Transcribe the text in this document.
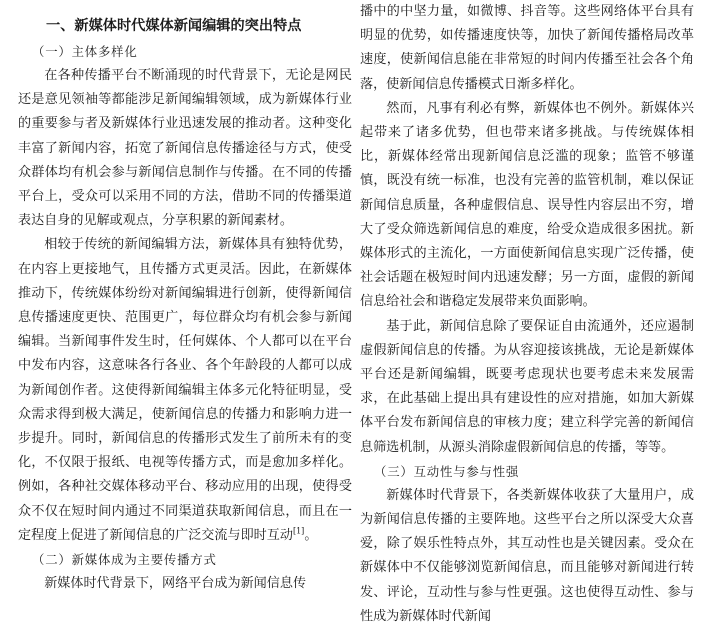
一、新媒体时代媒体新闻编辑的突出特点
（一）主体多样化

在各种传播平台不断涌现的时代背景下，无论是网民还是意见领袖等都能涉足新闻编辑领域，成为新媒体行业的重要参与者及新媒体行业迅速发展的推动者。这种变化丰富了新闻内容，拓宽了新闻信息传播途径与方式，使受众群体均有机会参与新闻信息制作与传播。在不同的传播平台上，受众可以采用不同的方法，借助不同的传播渠道表达自身的见解或观点，分享积累的新闻素材。

相较于传统的新闻编辑方法，新媒体具有独特优势，在内容上更接地气，且传播方式更灵活。因此，在新媒体推动下，传统媒体纷纷对新闻编辑进行创新，使得新闻信息传播速度更快、范围更广，每位群众均有机会参与新闻编辑。当新闻事件发生时，任何媒体、个人都可以在平台中发布内容，这意味各行各业、各个年龄段的人都可以成为新闻创作者。这使得新闻编辑主体多元化特征明显，受众需求得到极大满足，使新闻信息的传播力和影响力进一步提升。同时，新闻信息的传播形式发生了前所未有的变化，不仅限于报纸、电视等传播方式，而是愈加多样化。例如，各种社交媒体移动平台、移动应用的出现，使得受众不仅在短时间内通过不同渠道获取新闻信息，而且在一定程度上促进了新闻信息的广泛交流与即时互动[1]。

（二）新媒体成为主要传播方式

新媒体时代背景下，网络平台成为新闻信息传

播中的中坚力量，如微博、抖音等。这些网络体平台具有明显的优势，如传播速度快等，加快了新闻传播格局改革速度，使新闻信息能在非常短的时间内传播至社会各个角落，使新闻信息传播模式日渐多样化。

然而，凡事有利必有弊，新媒体也不例外。新媒体兴起带来了诸多优势，但也带来诸多挑战。与传统媒体相比，新媒体经常出现新闻信息泛滥的现象；监管不够谨慎，既没有统一标准，也没有完善的监管机制，难以保证新闻信息质量，各种虚假信息、误导性内容层出不穷，增大了受众筛选新闻信息的难度，给受众造成很多困扰。新媒体形式的主流化，一方面使新闻信息实现广泛传播，使社会话题在极短时间内迅速发酵；另一方面，虚假的新闻信息给社会和谐稳定发展带来负面影响。

基于此，新闻信息除了要保证自由流通外，还应遏制虚假新闻信息的传播。为从容迎接该挑战，无论是新媒体平台还是新闻编辑，既要考虑现状也要考虑未来发展需求，在此基础上提出具有建设性的应对措施，如加大新媒体平台发布新闻信息的审核力度；建立科学完善的新闻信息筛选机制，从源头消除虚假新闻信息的传播，等等。

（三）互动性与参与性强

新媒体时代背景下，各类新媒体收获了大量用户，成为新闻信息传播的主要阵地。这些平台之所以深受大众喜爱，除了娱乐性特点外，其互动性也是关键因素。受众在新媒体中不仅能够浏览新闻信息，而且能够对新闻进行转发、评论，互动性与参与性更强。这也使得互动性、参与性成为新媒体时代新闻
